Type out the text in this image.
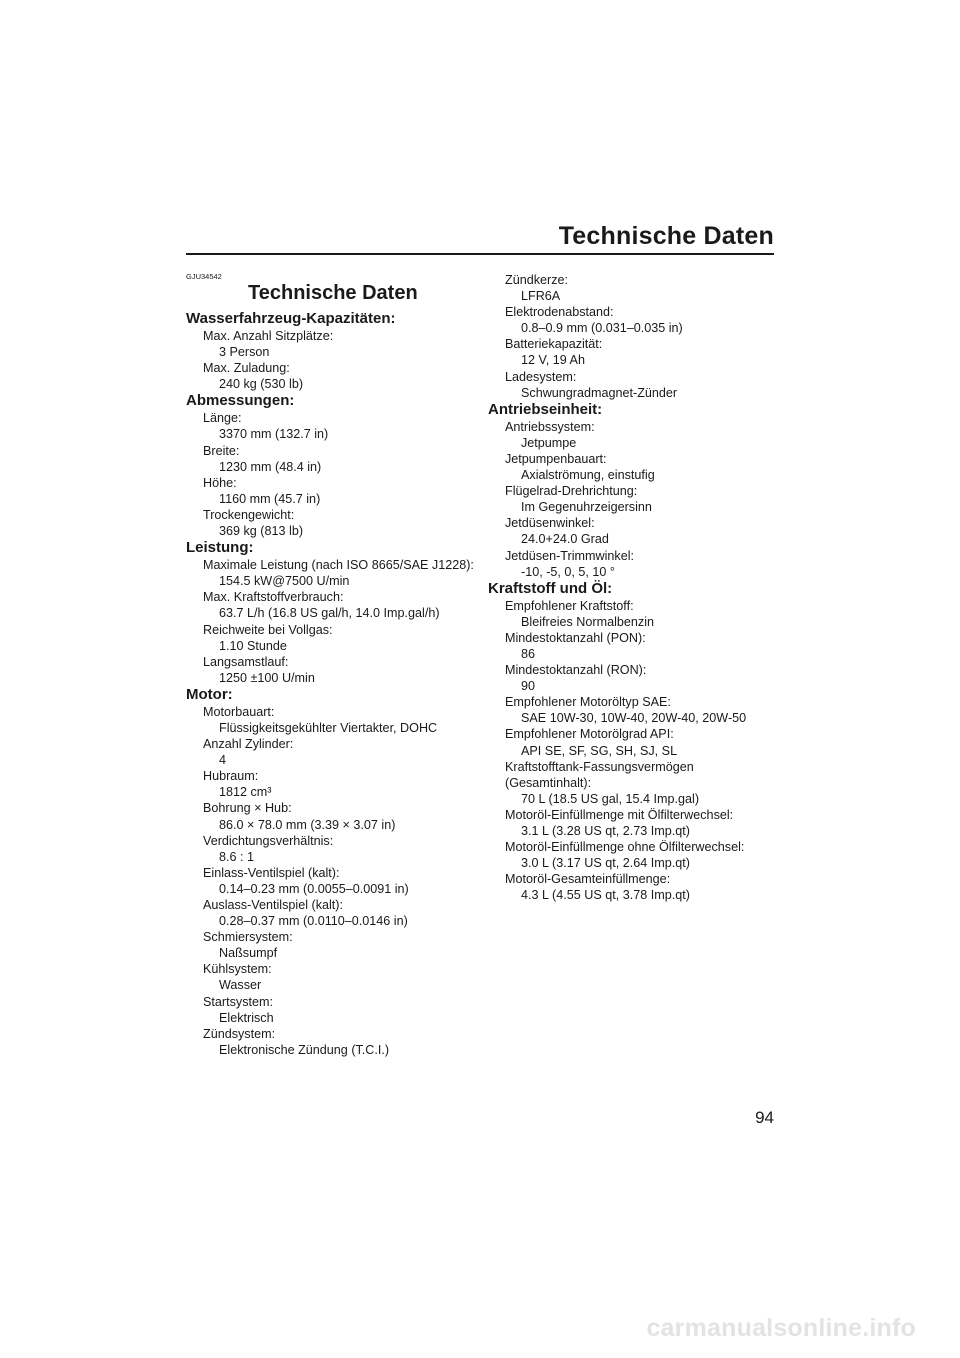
Technische Daten
GJU34542
Technische Daten
Wasserfahrzeug-Kapazitäten:
Max. Anzahl Sitzplätze:
3 Person
Max. Zuladung:
240 kg (530 lb)
Abmessungen:
Länge:
3370 mm (132.7 in)
Breite:
1230 mm (48.4 in)
Höhe:
1160 mm (45.7 in)
Trockengewicht:
369 kg (813 lb)
Leistung:
Maximale Leistung (nach ISO 8665/SAE J1228):
154.5 kW@7500 U/min
Max. Kraftstoffverbrauch:
63.7 L/h (16.8 US gal/h, 14.0 Imp.gal/h)
Reichweite bei Vollgas:
1.10 Stunde
Langsamstlauf:
1250 ±100 U/min
Motor:
Motorbauart:
Flüssigkeitsgekühlter Viertakter, DOHC
Anzahl Zylinder:
4
Hubraum:
1812 cm³
Bohrung × Hub:
86.0 × 78.0 mm (3.39 × 3.07 in)
Verdichtungsverhältnis:
8.6 : 1
Einlass-Ventilspiel (kalt):
0.14–0.23 mm (0.0055–0.0091 in)
Auslass-Ventilspiel (kalt):
0.28–0.37 mm (0.0110–0.0146 in)
Schmiersystem:
Naßsumpf
Kühlsystem:
Wasser
Startsystem:
Elektrisch
Zündsystem:
Elektronische Zündung (T.C.I.)
Zündkerze:
LFR6A
Elektrodenabstand:
0.8–0.9 mm (0.031–0.035 in)
Batteriekapazität:
12 V, 19 Ah
Ladesystem:
Schwungradmagnet-Zünder
Antriebseinheit:
Antriebssystem:
Jetpumpe
Jetpumpenbauart:
Axialströmung, einstufig
Flügelrad-Drehrichtung:
Im Gegenuhrzeigersinn
Jetdüsenwinkel:
24.0+24.0 Grad
Jetdüsen-Trimmwinkel:
-10, -5, 0, 5, 10 °
Kraftstoff und Öl:
Empfohlener Kraftstoff:
Bleifreies Normalbenzin
Mindestoktanzahl (PON):
86
Mindestoktanzahl (RON):
90
Empfohlener Motoröltyp SAE:
SAE 10W-30, 10W-40, 20W-40, 20W-50
Empfohlener Motorölgrad API:
API SE, SF, SG, SH, SJ, SL
Kraftstofftank-Fassungsvermögen (Gesamtinhalt):
70 L (18.5 US gal, 15.4 Imp.gal)
Motoröl-Einfüllmenge mit Ölfilterwechsel:
3.1 L (3.28 US qt, 2.73 Imp.qt)
Motoröl-Einfüllmenge ohne Ölfilterwechsel:
3.0 L (3.17 US qt, 2.64 Imp.qt)
Motoröl-Gesamteinfüllmenge:
4.3 L (4.55 US qt, 3.78 Imp.qt)
94
carmanualsonline.info
